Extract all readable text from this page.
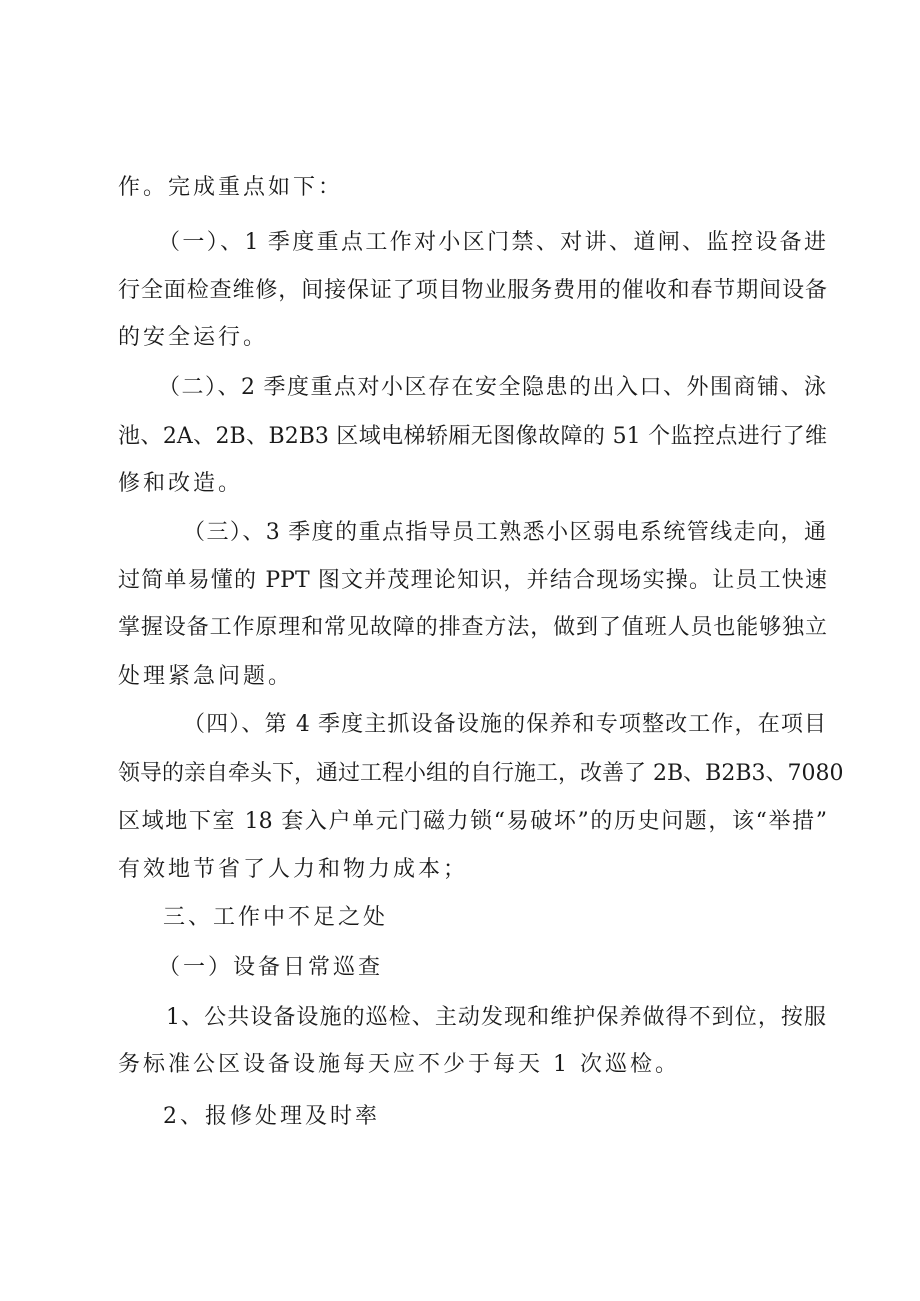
作。完成重点如下：
（一）、1 季度重点工作对小区门禁、对讲、道闸、监控设备进
行全面检查维修，间接保证了项目物业服务费用的催收和春节期间设备
的安全运行。
（二）、2 季度重点对小区存在安全隐患的出入口、外围商铺、泳
池、2A、2B、B2B3 区域电梯轿厢无图像故障的 51 个监控点进行了维
修和改造。
（三）、3 季度的重点指导员工熟悉小区弱电系统管线走向，通
过简单易懂的 PPT 图文并茂理论知识，并结合现场实操。让员工快速
掌握设备工作原理和常见故障的排查方法，做到了值班人员也能够独立
处理紧急问题。
（四）、第 4 季度主抓设备设施的保养和专项整改工作，在项目
领导的亲自牵头下，通过工程小组的自行施工，改善了 2B、B2B3、7080
区域地下室 18 套入户单元门磁力锁“易破坏”的历史问题，该“举措”
有效地节省了人力和物力成本；
三、工作中不足之处
（一）设备日常巡查
1、公共设备设施的巡检、主动发现和维护保养做得不到位，按服
务标准公区设备设施每天应不少于每天 1 次巡检。
2、报修处理及时率
